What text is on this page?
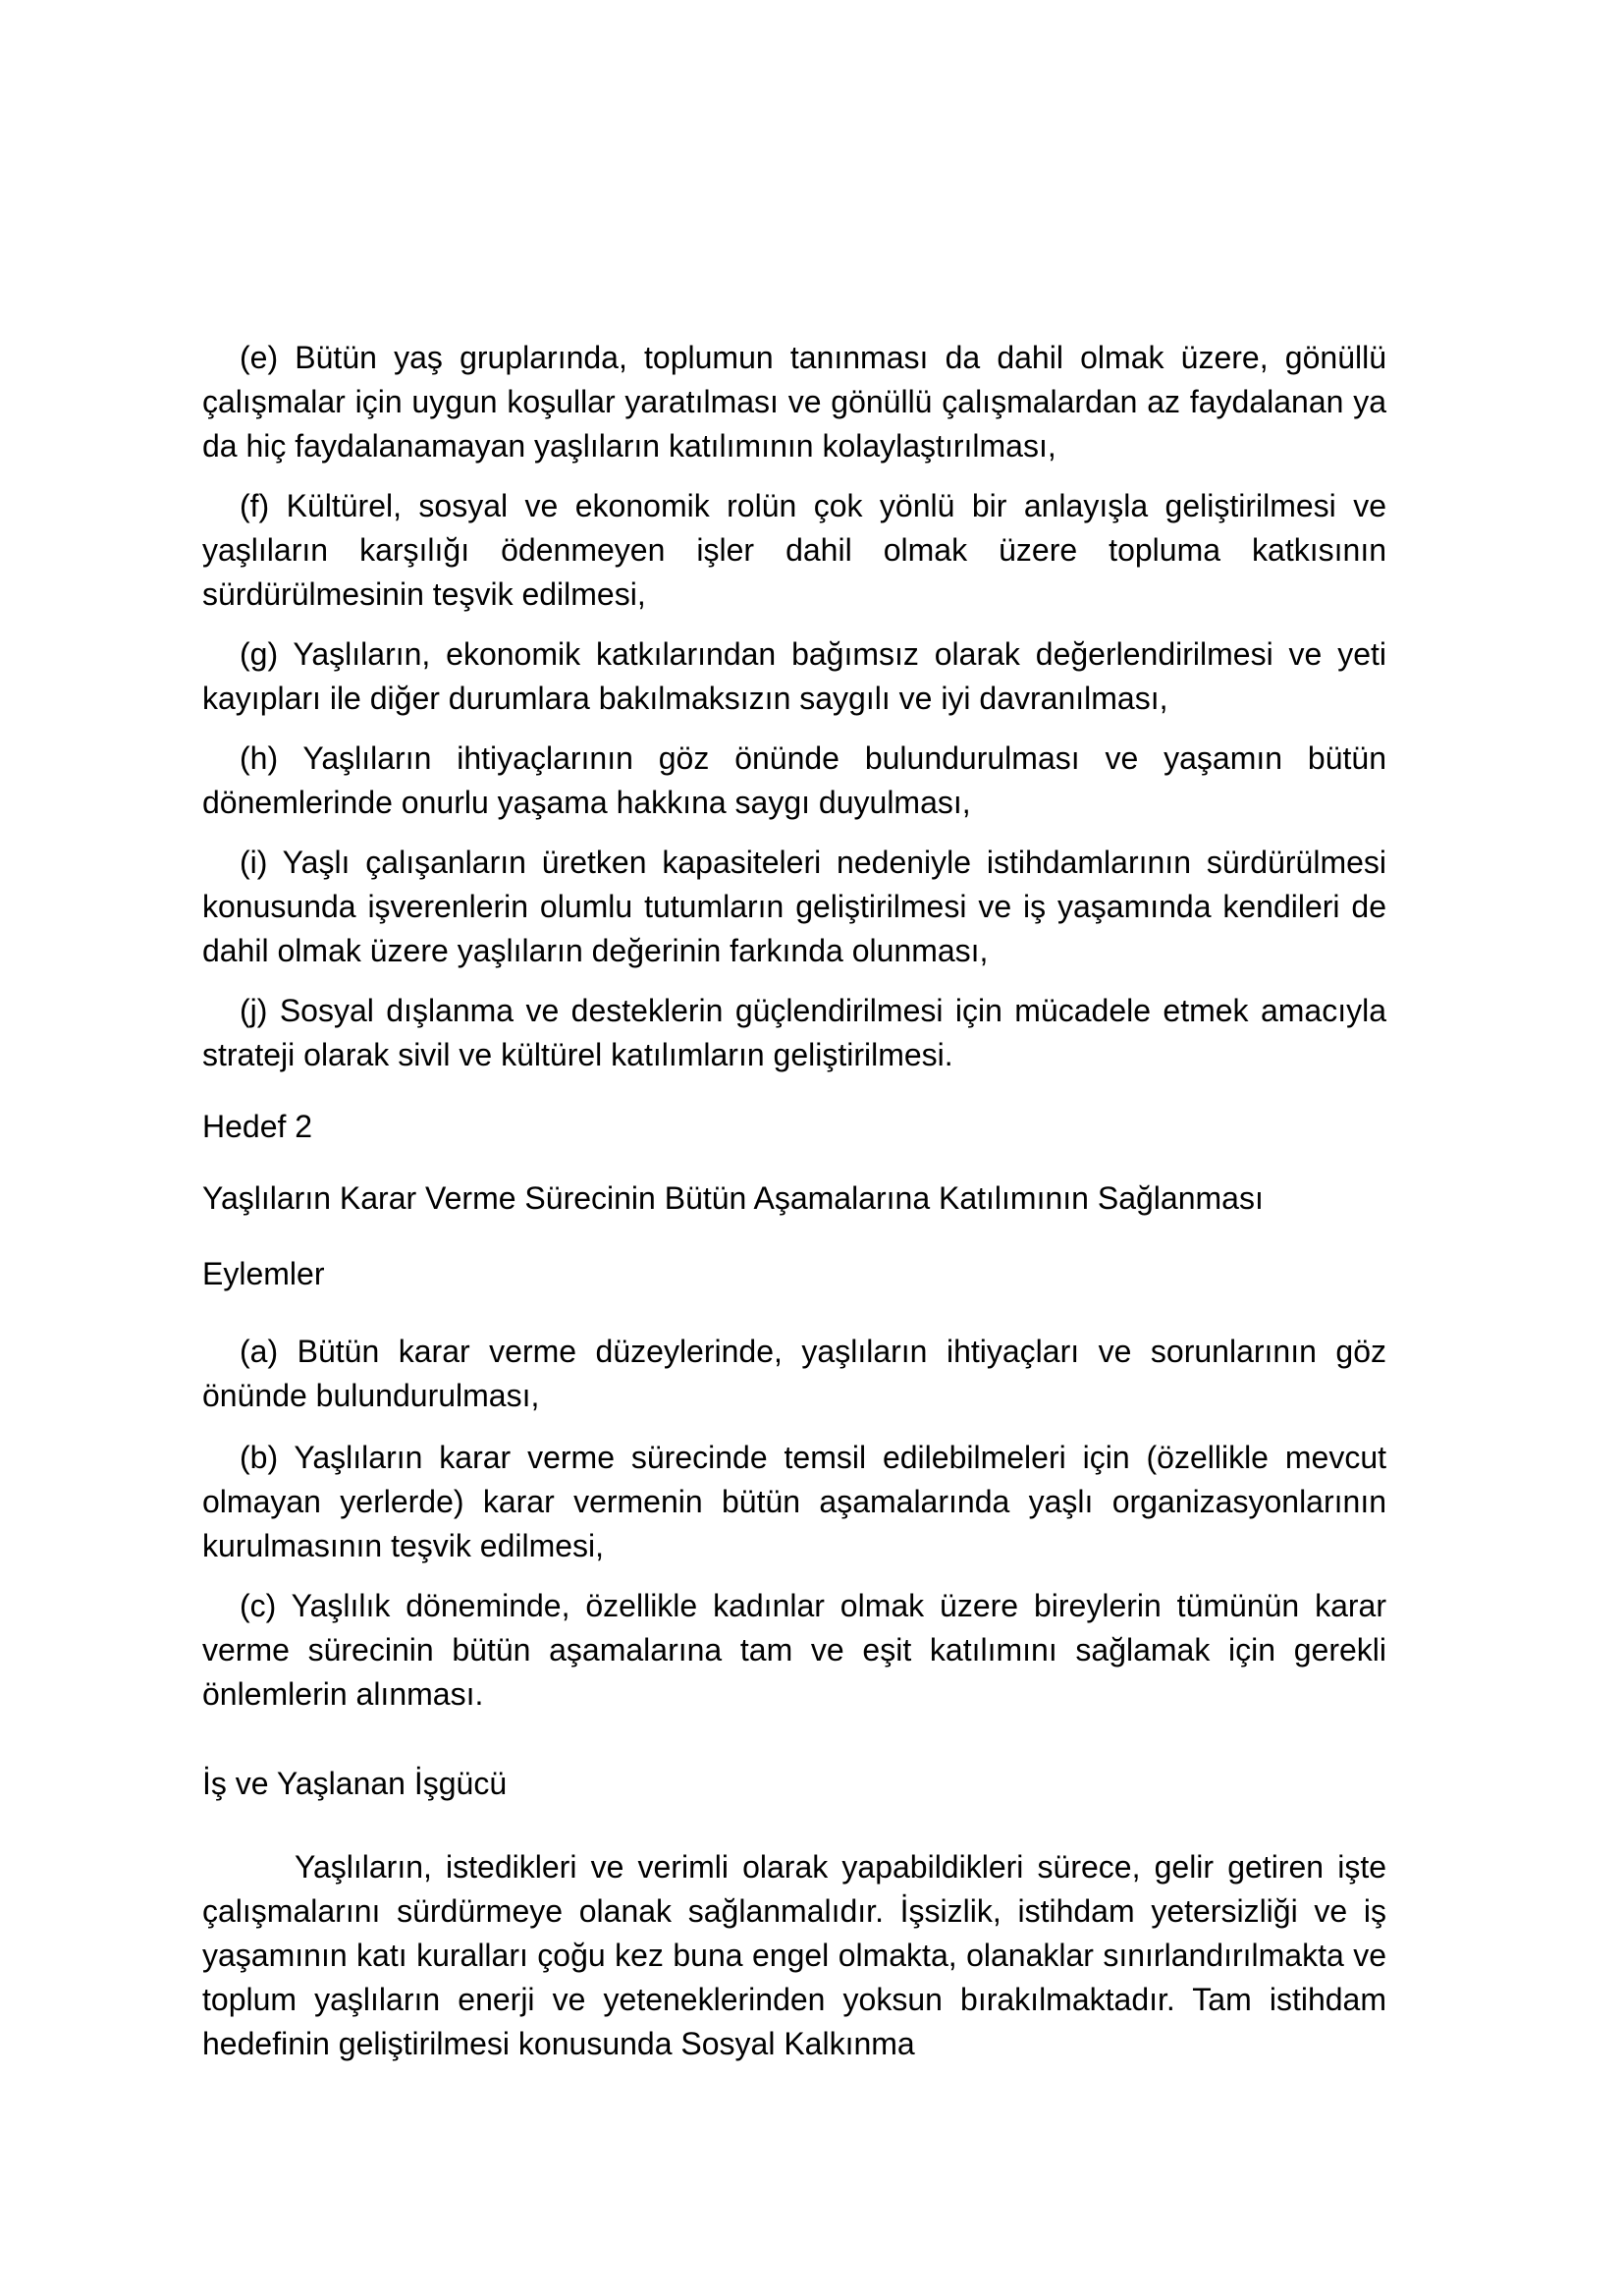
(e) Bütün yaş gruplarında, toplumun tanınması da dahil olmak üzere, gönüllü çalışmalar için uygun koşullar yaratılması ve gönüllü çalışmalardan az faydalanan ya da hiç faydalanamayan yaşlıların katılımının kolaylaştırılması,

(f) Kültürel, sosyal ve ekonomik rolün çok yönlü bir anlayışla geliştirilmesi ve yaşlıların karşılığı ödenmeyen işler dahil olmak üzere topluma katkısının sürdürülmesinin teşvik edilmesi,

(g) Yaşlıların, ekonomik katkılarından bağımsız olarak değerlendirilmesi ve yeti kayıpları ile diğer durumlara bakılmaksızın saygılı ve iyi davranılması,

(h) Yaşlıların ihtiyaçlarının göz önünde bulundurulması ve yaşamın bütün dönemlerinde onurlu yaşama hakkına saygı duyulması,

(i) Yaşlı çalışanların üretken kapasiteleri nedeniyle istihdamlarının sürdürülmesi konusunda işverenlerin olumlu tutumların geliştirilmesi ve iş yaşamında kendileri de dahil olmak üzere yaşlıların değerinin farkında olunması,

(j) Sosyal dışlanma ve desteklerin güçlendirilmesi için mücadele etmek amacıyla strateji olarak sivil ve kültürel katılımların geliştirilmesi.

Hedef 2

Yaşlıların Karar Verme Sürecinin Bütün Aşamalarına Katılımının Sağlanması

Eylemler

(a) Bütün karar verme düzeylerinde, yaşlıların ihtiyaçları ve sorunlarının göz önünde bulundurulması,

(b) Yaşlıların karar verme sürecinde temsil edilebilmeleri için (özellikle mevcut olmayan yerlerde) karar vermenin bütün aşamalarında yaşlı organizasyonlarının kurulmasının teşvik edilmesi,

(c) Yaşlılık döneminde, özellikle kadınlar olmak üzere bireylerin tümünün karar verme sürecinin bütün aşamalarına tam ve eşit katılımını sağlamak için gerekli önlemlerin alınması.

İş ve Yaşlanan İşgücü

Yaşlıların, istedikleri ve verimli olarak yapabildikleri sürece, gelir getiren işte çalışmalarını sürdürmeye olanak sağlanmalıdır. İşsizlik, istihdam yetersizliği ve iş yaşamının katı kuralları çoğu kez buna engel olmakta, olanaklar sınırlandırılmakta ve toplum yaşlıların enerji ve yeteneklerinden yoksun bırakılmaktadır. Tam istihdam hedefinin geliştirilmesi konusunda Sosyal Kalkınma
